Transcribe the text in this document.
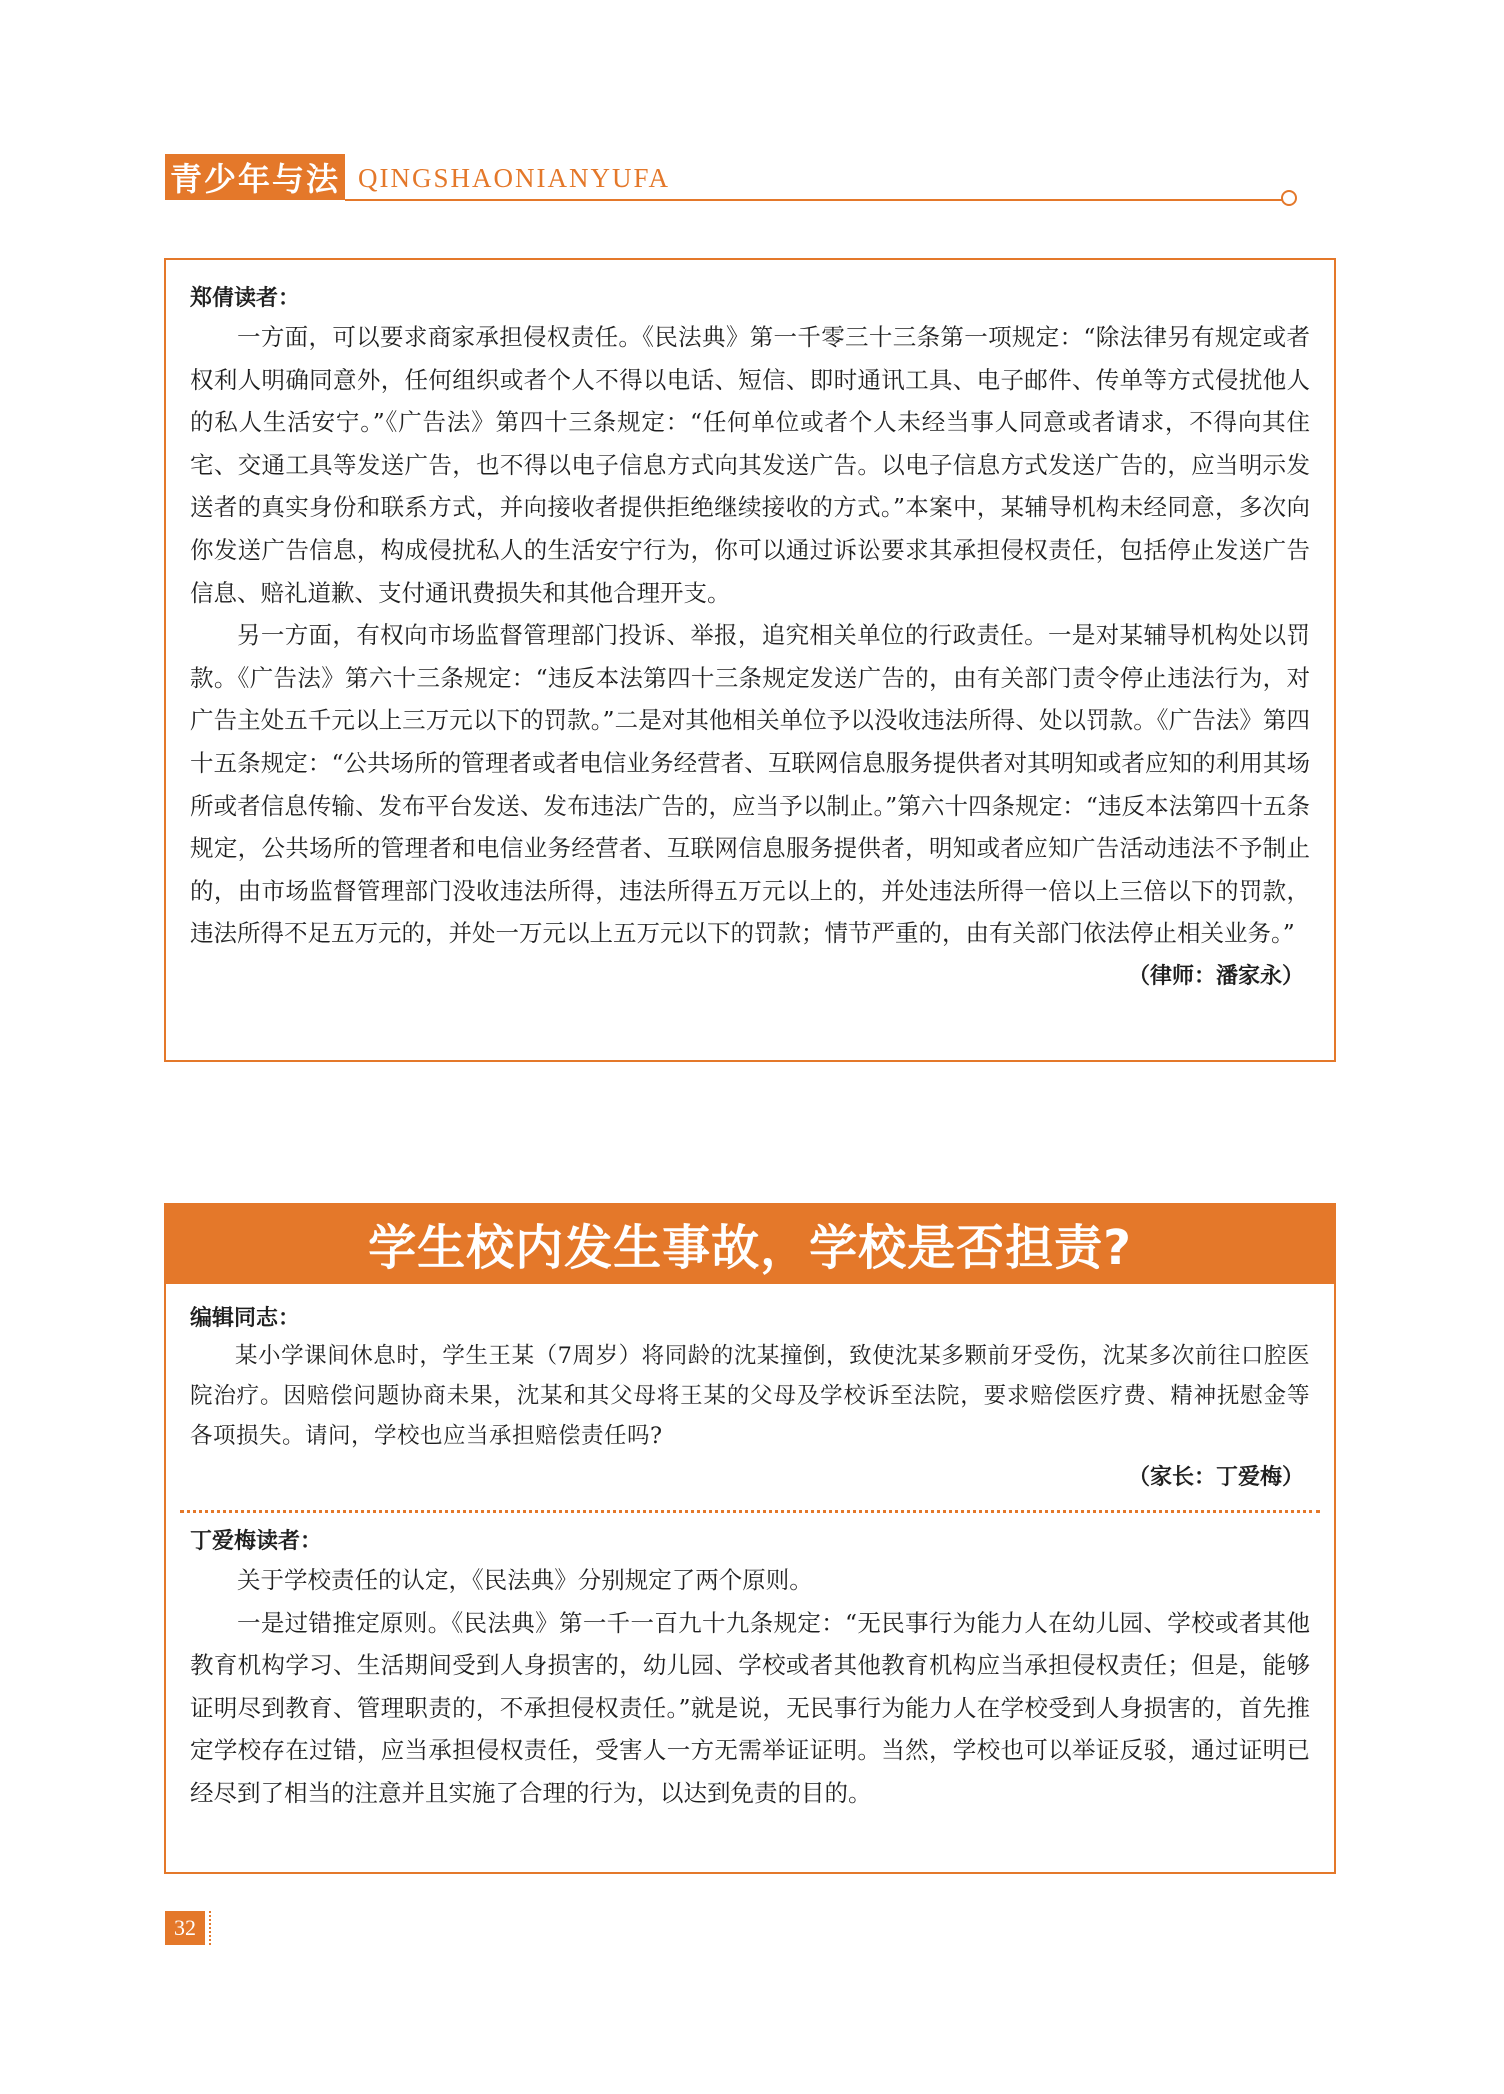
青少年与法 QINGSHAONIANYUFA

郑倩读者：

一方面，可以要求商家承担侵权责任。《民法典》第一千零三十三条第一项规定：“除法律另有规定或者权利人明确同意外，任何组织或者个人不得以电话、短信、即时通讯工具、电子邮件、传单等方式侵扰他人的私人生活安宁。”《广告法》第四十三条规定：“任何单位或者个人未经当事人同意或者请求，不得向其住宅、交通工具等发送广告，也不得以电子信息方式向其发送广告。以电子信息方式发送广告的，应当明示发送者的真实身份和联系方式，并向接收者提供拒绝继续接收的方式。”本案中，某辅导机构未经同意，多次向你发送广告信息，构成侵扰私人的生活安宁行为，你可以通过诉讼要求其承担侵权责任，包括停止发送广告信息、赔礼道歉、支付通讯费损失和其他合理开支。

另一方面，有权向市场监督管理部门投诉、举报，追究相关单位的行政责任。一是对某辅导机构处以罚款。《广告法》第六十三条规定：“违反本法第四十三条规定发送广告的，由有关部门责令停止违法行为，对广告主处五千元以上三万元以下的罚款。”二是对其他相关单位予以没收违法所得、处以罚款。《广告法》第四十五条规定：“公共场所的管理者或者电信业务经营者、互联网信息服务提供者对其明知或者应知的利用其场所或者信息传输、发布平台发送、发布违法广告的，应当予以制止。”第六十四条规定：“违反本法第四十五条规定，公共场所的管理者和电信业务经营者、互联网信息服务提供者，明知或者应知广告活动违法不予制止的，由市场监督管理部门没收违法所得，违法所得五万元以上的，并处违法所得一倍以上三倍以下的罚款，违法所得不足五万元的，并处一万元以上五万元以下的罚款；情节严重的，由有关部门依法停止相关业务。”

（律师：潘家永）

学生校内发生事故，学校是否担责?

编辑同志：

某小学课间休息时，学生王某（7周岁）将同龄的沈某撞倒，致使沈某多颗前牙受伤，沈某多次前往口腔医院治疗。因赔偿问题协商未果，沈某和其父母将王某的父母及学校诉至法院，要求赔偿医疗费、精神抚慰金等各项损失。请问，学校也应当承担赔偿责任吗?

（家长：丁爱梅）

丁爱梅读者：

关于学校责任的认定，《民法典》分别规定了两个原则。

一是过错推定原则。《民法典》第一千一百九十九条规定：“无民事行为能力人在幼儿园、学校或者其他教育机构学习、生活期间受到人身损害的，幼儿园、学校或者其他教育机构应当承担侵权责任；但是，能够证明尽到教育、管理职责的，不承担侵权责任。”就是说，无民事行为能力人在学校受到人身损害的，首先推定学校存在过错，应当承担侵权责任，受害人一方无需举证证明。当然，学校也可以举证反驳，通过证明已经尽到了相当的注意并且实施了合理的行为，以达到免责的目的。

32
